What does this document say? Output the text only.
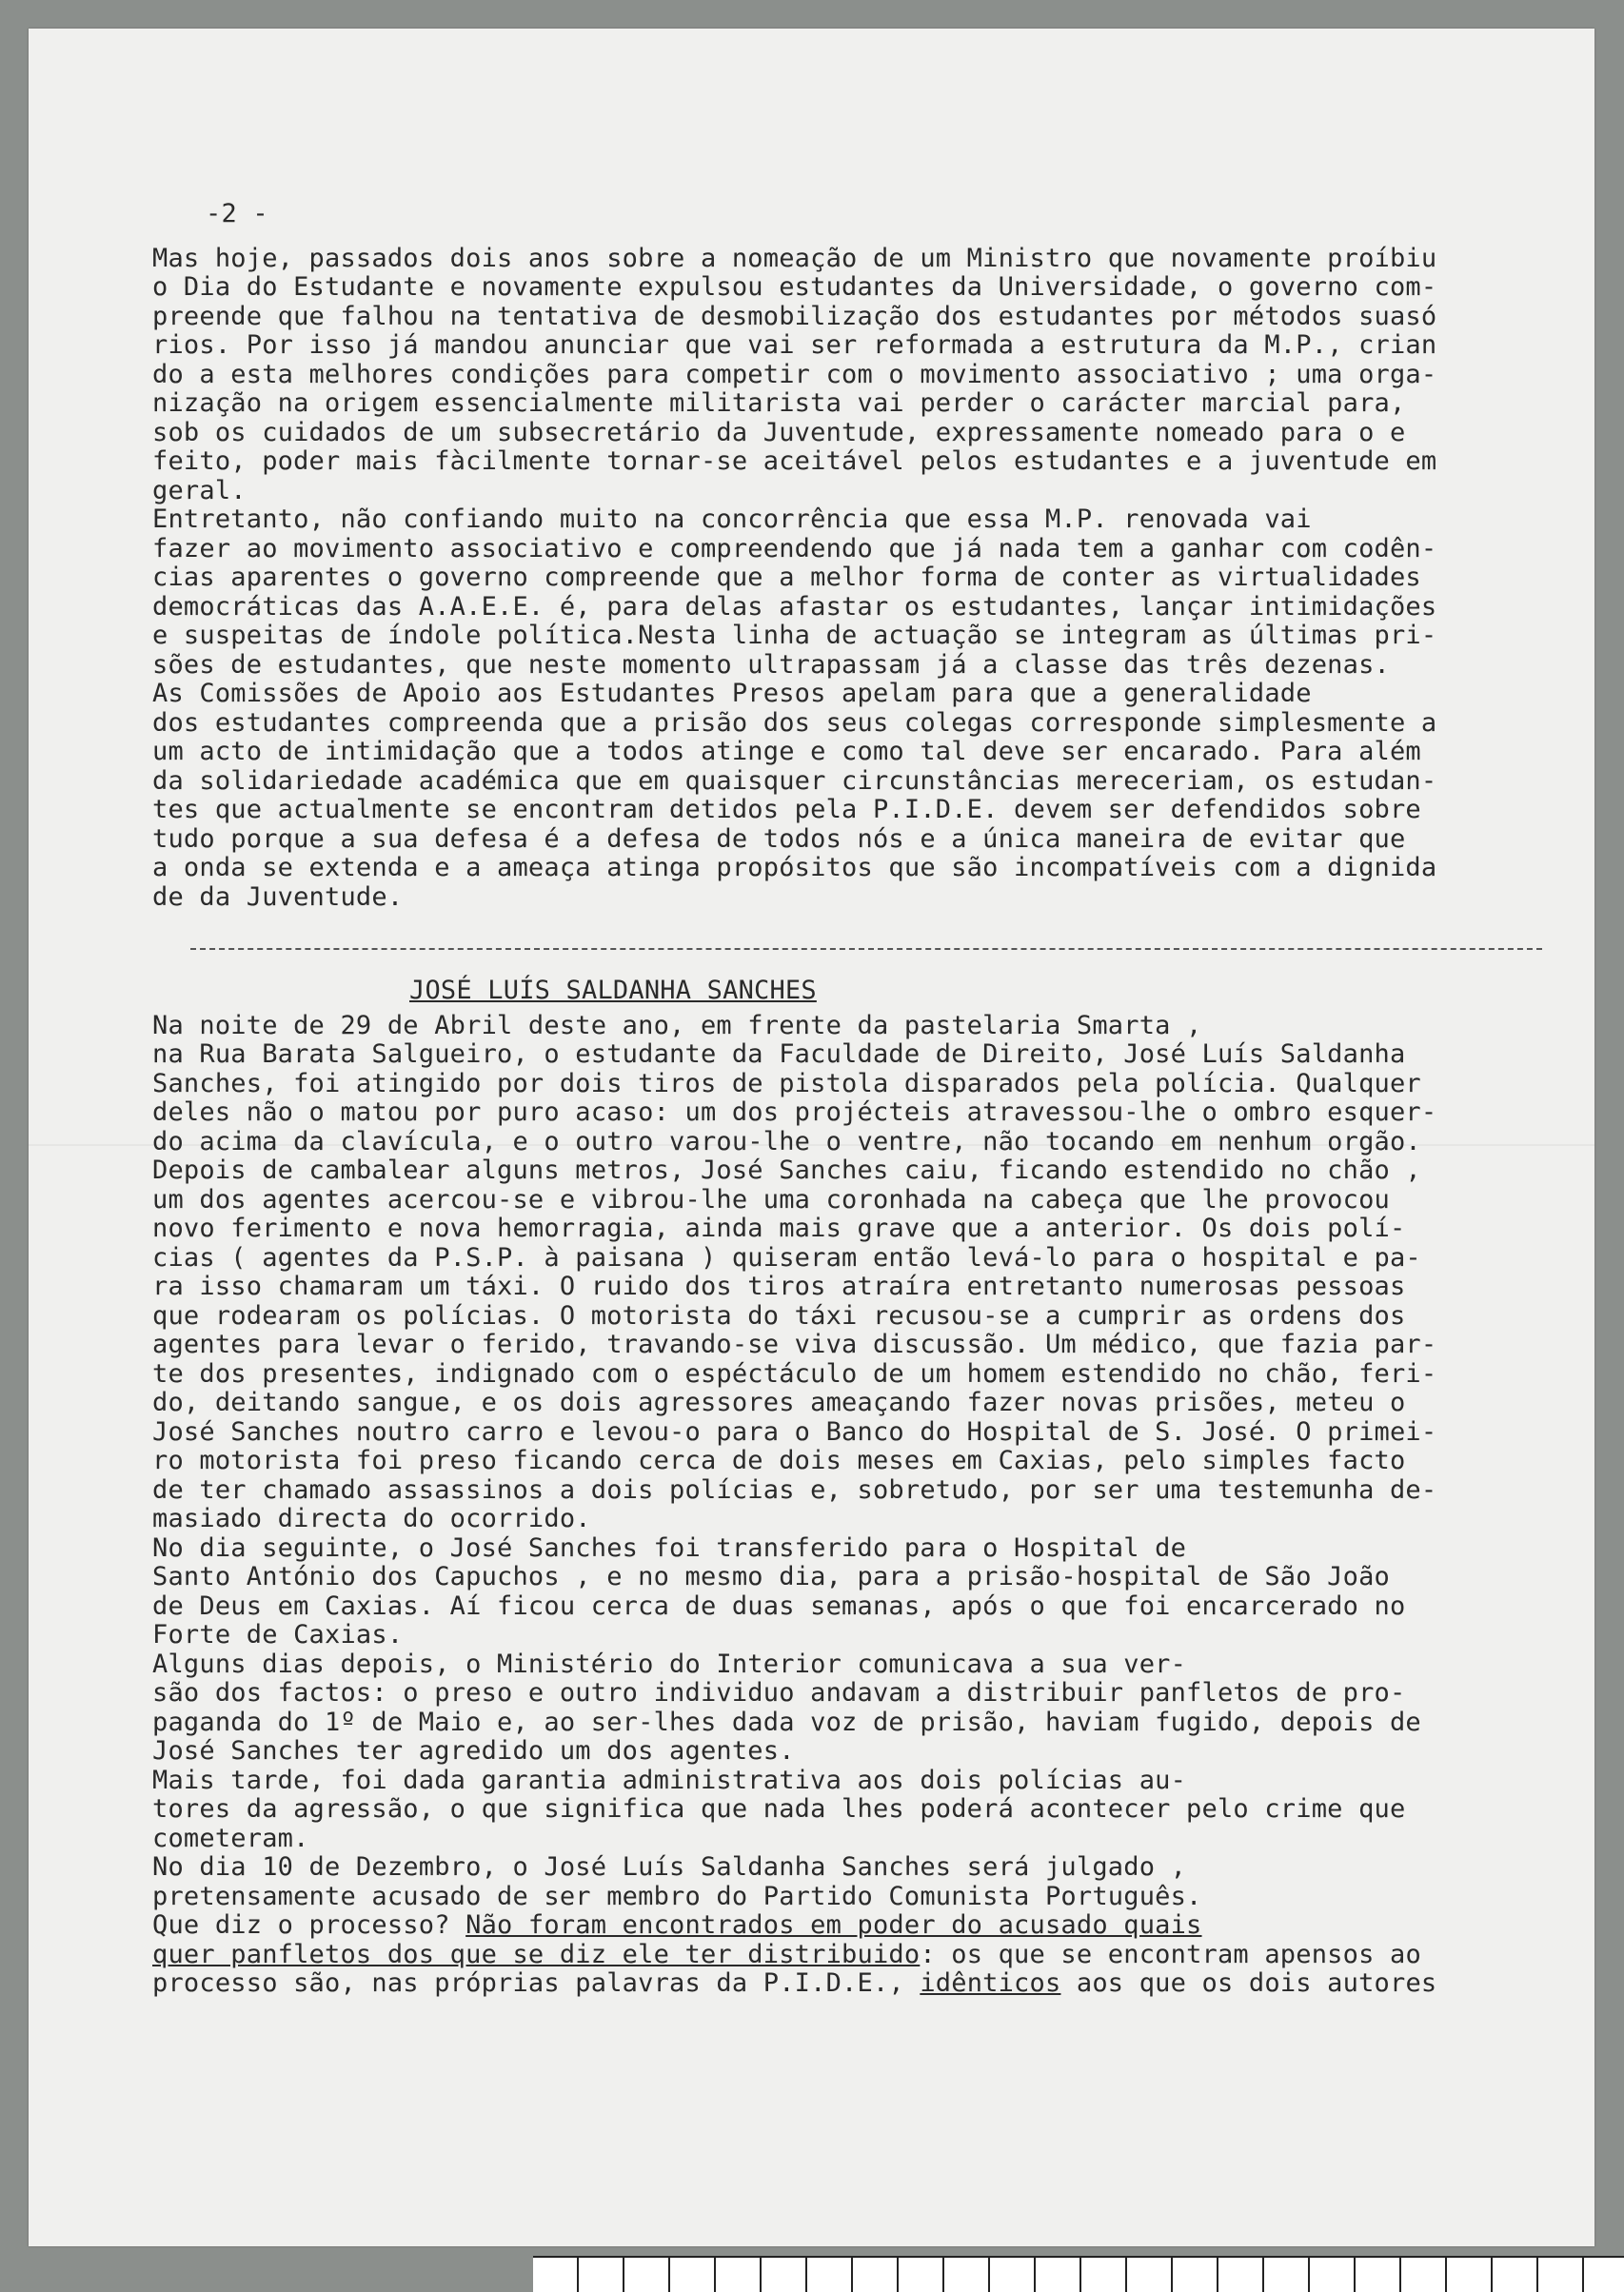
-2 -

Mas hoje, passados dois anos sobre a nomeação de um Ministro que novamente proíbiu
o Dia do Estudante e novamente expulsou estudantes da Universidade, o governo com-
preende que falhou na tentativa de desmobilização dos estudantes por métodos suasó
rios. Por isso já mandou anunciar que vai ser reformada a estrutura da M.P., crian
do a esta melhores condições para competir com o movimento associativo ; uma orga-
nização na origem essencialmente militarista vai perder o carácter marcial para,
sob os cuidados de um subsecretário da Juventude, expressamente nomeado para o e
feito, poder mais fàcilmente tornar-se aceitável pelos estudantes e a juventude em
geral.

Entretanto, não confiando muito na concorrência que essa M.P. renovada vai
fazer ao movimento associativo e compreendendo que já nada tem a ganhar com codên-
cias aparentes o governo compreende que a melhor forma de conter as virtualidades
democráticas das A.A.E.E. é, para delas afastar os estudantes, lançar intimidações
e suspeitas de índole política.Nesta linha de actuação se integram as últimas pri-
sões de estudantes, que neste momento ultrapassam já a classe das três dezenas.

As Comissões de Apoio aos Estudantes Presos apelam para que a generalidade
dos estudantes compreenda que a prisão dos seus colegas corresponde simplesmente a
um acto de intimidação que a todos atinge e como tal deve ser encarado. Para além
da solidariedade académica que em quaisquer circunstâncias mereceriam, os estudan-
tes que actualmente se encontram detidos pela P.I.D.E. devem ser defendidos sobre
tudo porque a sua defesa é a defesa de todos nós e a única maneira de evitar que
a onda se extenda e a ameaça atinga propósitos que são incompatíveis com a dignida
de da Juventude.

JOSÉ LUÍS SALDANHA SANCHES

Na noite de 29 de Abril deste ano, em frente da pastelaria Smarta ,
na Rua Barata Salgueiro, o estudante da Faculdade de Direito, José Luís Saldanha
Sanches, foi atingido por dois tiros de pistola disparados pela polícia. Qualquer
deles não o matou por puro acaso: um dos projécteis atravessou-lhe o ombro esquer-
do acima da clavícula, e o outro varou-lhe o ventre, não tocando em nenhum orgão.
Depois de cambalear alguns metros, José Sanches caiu, ficando estendido no chão ,
um dos agentes acercou-se e vibrou-lhe uma coronhada na cabeça que lhe provocou
novo ferimento e nova hemorragia, ainda mais grave que a anterior. Os dois polí-
cias ( agentes da P.S.P. à paisana ) quiseram então levá-lo para o hospital e pa-
ra isso chamaram um táxi. O ruido dos tiros atraíra entretanto numerosas pessoas
que rodearam os polícias. O motorista do táxi recusou-se a cumprir as ordens dos
agentes para levar o ferido, travando-se viva discussão. Um médico, que fazia par-
te dos presentes, indignado com o espéctáculo de um homem estendido no chão, feri-
do, deitando sangue, e os dois agressores ameaçando fazer novas prisões, meteu o
José Sanches noutro carro e levou-o para o Banco do Hospital de S. José. O primei-
ro motorista foi preso ficando cerca de dois meses em Caxias, pelo simples facto
de ter chamado assassinos a dois polícias e, sobretudo, por ser uma testemunha de-
masiado directa do ocorrido.

No dia seguinte, o José Sanches foi transferido para o Hospital de
Santo António dos Capuchos , e no mesmo dia, para a prisão-hospital de São João
de Deus em Caxias. Aí ficou cerca de duas semanas, após o que foi encarcerado no
Forte de Caxias.

Alguns dias depois, o Ministério do Interior comunicava a sua ver-
são dos factos: o preso e outro individuo andavam a distribuir panfletos de pro-
paganda do 1º de Maio e, ao ser-lhes dada voz de prisão, haviam fugido, depois de
José Sanches ter agredido um dos agentes.

Mais tarde, foi dada garantia administrativa aos dois polícias au-
tores da agressão, o que significa que nada lhes poderá acontecer pelo crime que
cometeram.

No dia 10 de Dezembro, o José Luís Saldanha Sanches será julgado ,
pretensamente acusado de ser membro do Partido Comunista Português.

Que diz o processo? Não foram encontrados em poder do acusado quais
quer panfletos dos que se diz ele ter distribuido: os que se encontram apensos ao
processo são, nas próprias palavras da P.I.D.E., idênticos aos que os dois autores
